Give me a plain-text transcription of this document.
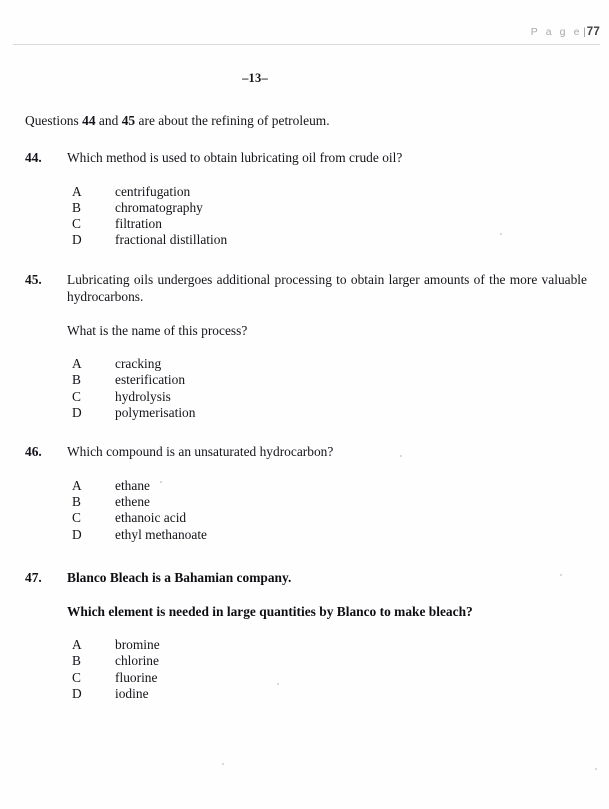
P a g e|77
–13–
Questions 44 and 45 are about the refining of petroleum.
44.	Which method is used to obtain lubricating oil from crude oil?
A	centrifugation
B	chromatography
C	filtration
D	fractional distillation
45.	Lubricating oils undergoes additional processing to obtain larger amounts of the more valuable hydrocarbons.
What is the name of this process?
A	cracking
B	esterification
C	hydrolysis
D	polymerisation
46.	Which compound is an unsaturated hydrocarbon?
A	ethane
B	ethene
C	ethanoic acid
D	ethyl methanoate
47.	Blanco Bleach is a Bahamian company.
Which element is needed in large quantities by Blanco to make bleach?
A	bromine
B	chlorine
C	fluorine
D	iodine
